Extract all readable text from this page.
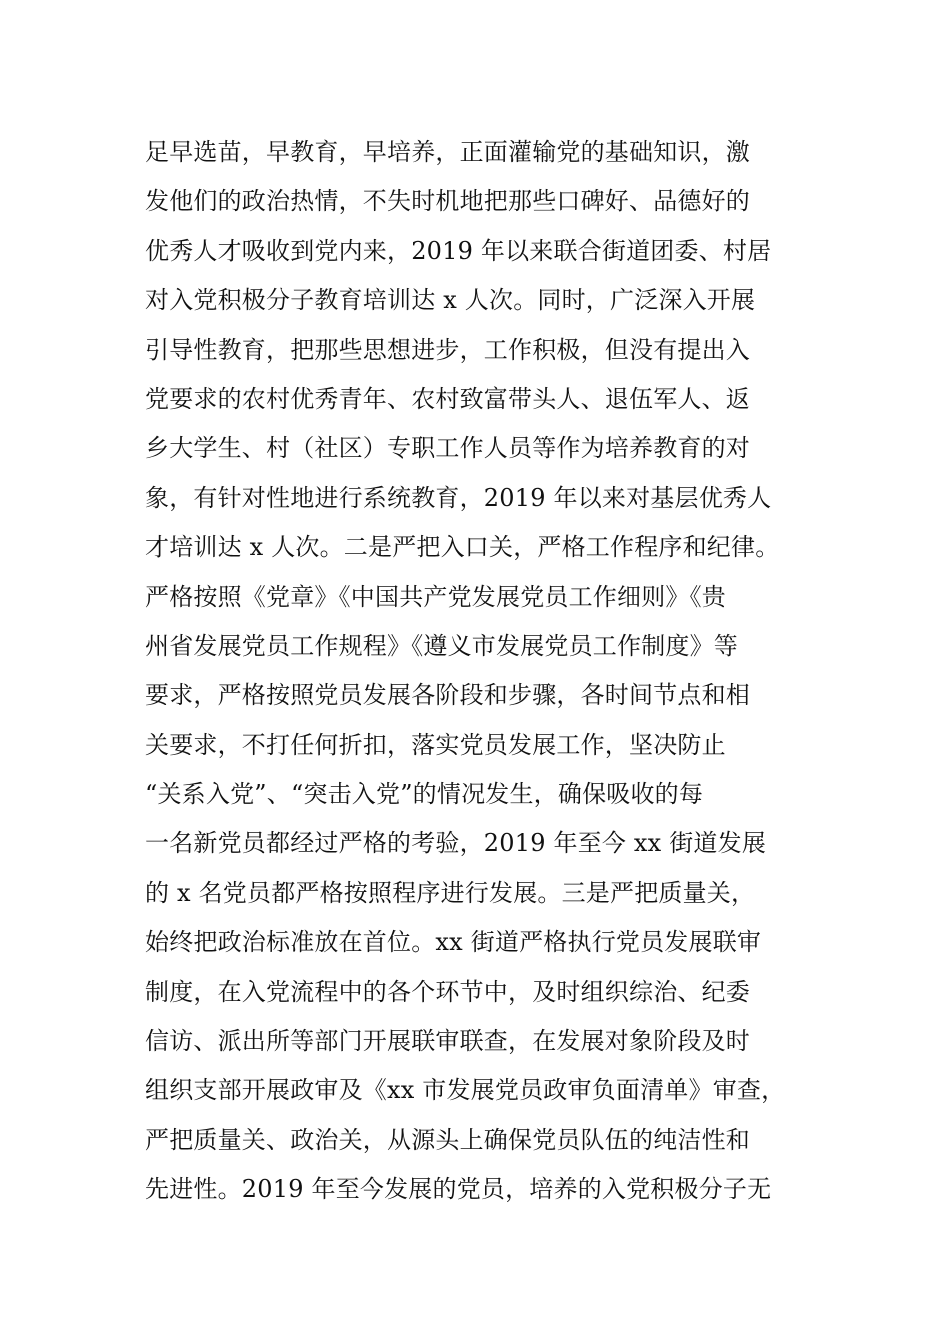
足早选苗，早教育，早培养，正面灌输党的基础知识，激
发他们的政治热情，不失时机地把那些口碑好、品德好的
优秀人才吸收到党内来，2019 年以来联合街道团委、村居
对入党积极分子教育培训达 x 人次。同时，广泛深入开展
引导性教育，把那些思想进步，工作积极，但没有提出入
党要求的农村优秀青年、农村致富带头人、退伍军人、返
乡大学生、村（社区）专职工作人员等作为培养教育的对
象，有针对性地进行系统教育，2019 年以来对基层优秀人
才培训达 x 人次。二是严把入口关，严格工作程序和纪律。
严格按照《党章》《中国共产党发展党员工作细则》《贵
州省发展党员工作规程》《遵义市发展党员工作制度》等
要求，严格按照党员发展各阶段和步骤，各时间节点和相
关要求，不打任何折扣，落实党员发展工作，坚决防止
“关系入党”、“突击入党”的情况发生，确保吸收的每
一名新党员都经过严格的考验，2019 年至今 xx 街道发展
的 x 名党员都严格按照程序进行发展。三是严把质量关，
始终把政治标准放在首位。xx 街道严格执行党员发展联审
制度，在入党流程中的各个环节中，及时组织综治、纪委
信访、派出所等部门开展联审联查，在发展对象阶段及时
组织支部开展政审及《xx 市发展党员政审负面清单》审查，
严把质量关、政治关，从源头上确保党员队伍的纯洁性和
先进性。2019 年至今发展的党员，培养的入党积极分子无
